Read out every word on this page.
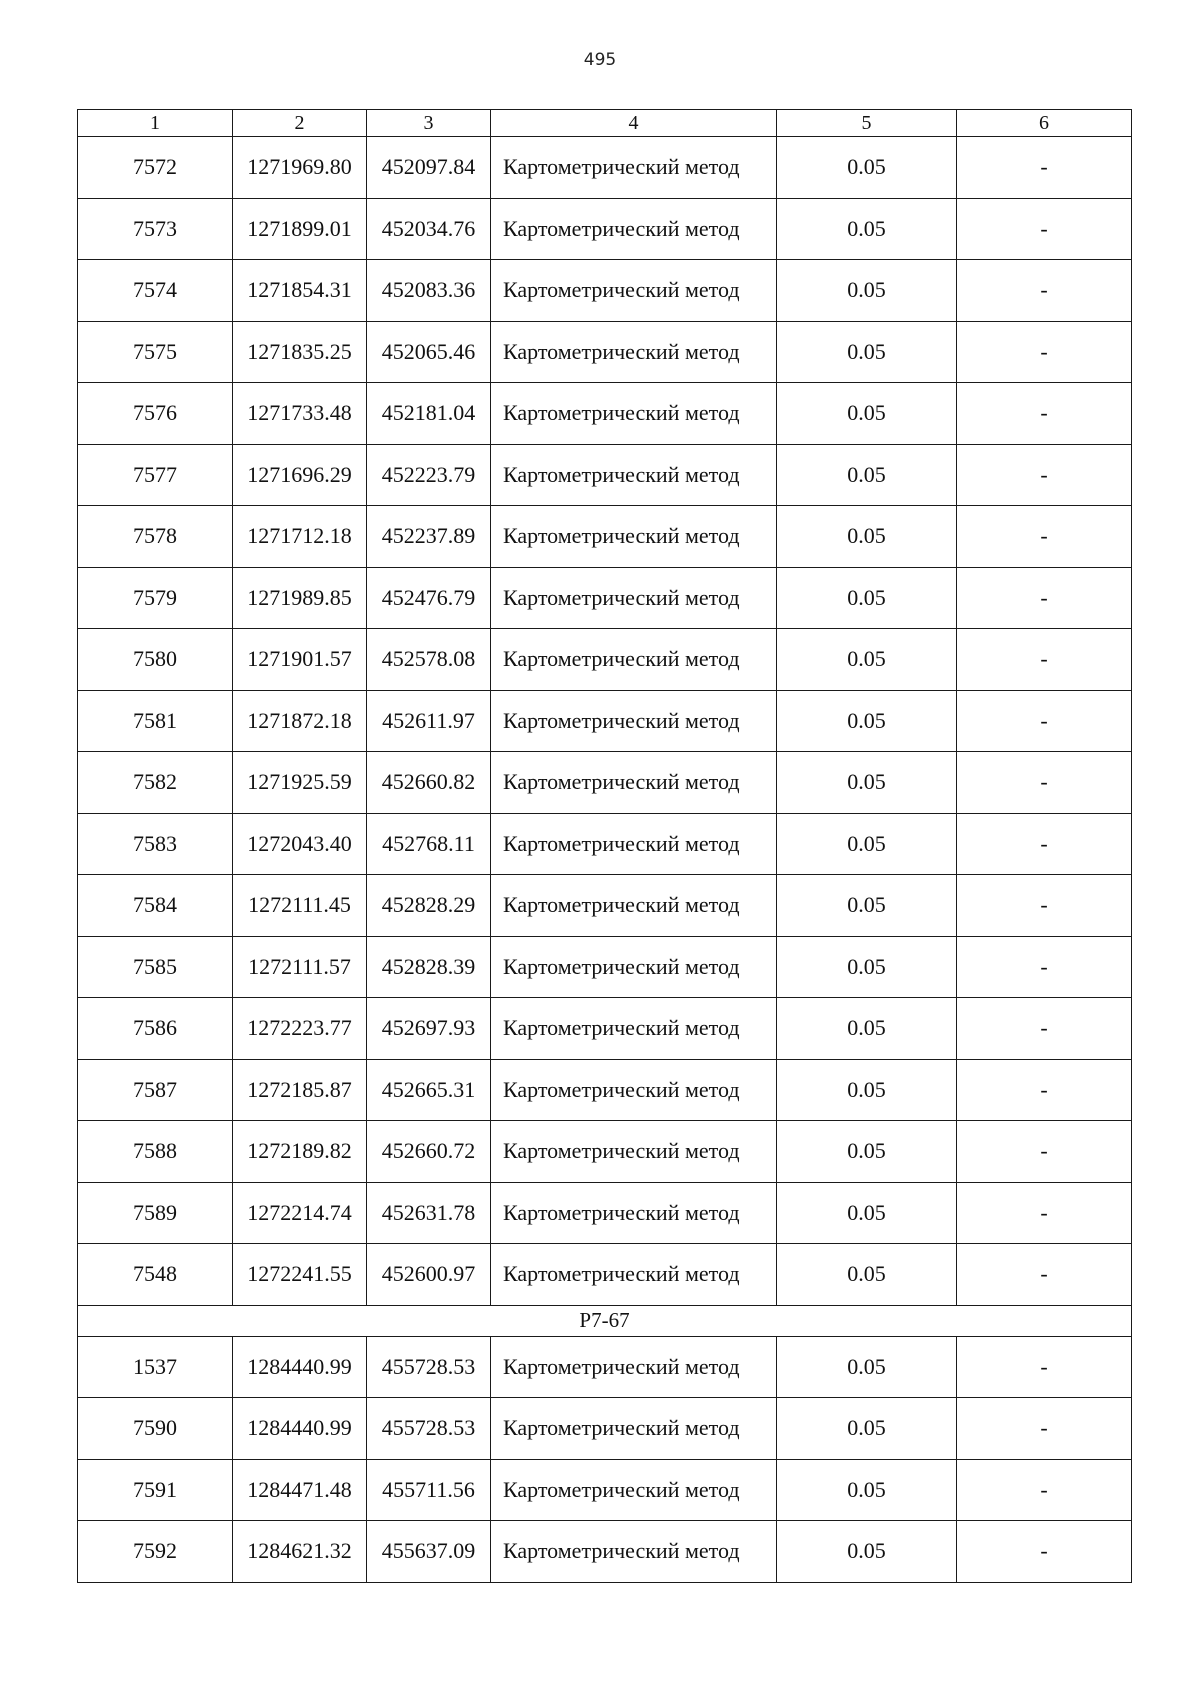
495
1	2	3	4	5	6
7572	1271969.80	452097.84	Картометрический метод	0.05	-
7573	1271899.01	452034.76	Картометрический метод	0.05	-
7574	1271854.31	452083.36	Картометрический метод	0.05	-
7575	1271835.25	452065.46	Картометрический метод	0.05	-
7576	1271733.48	452181.04	Картометрический метод	0.05	-
7577	1271696.29	452223.79	Картометрический метод	0.05	-
7578	1271712.18	452237.89	Картометрический метод	0.05	-
7579	1271989.85	452476.79	Картометрический метод	0.05	-
7580	1271901.57	452578.08	Картометрический метод	0.05	-
7581	1271872.18	452611.97	Картометрический метод	0.05	-
7582	1271925.59	452660.82	Картометрический метод	0.05	-
7583	1272043.40	452768.11	Картометрический метод	0.05	-
7584	1272111.45	452828.29	Картометрический метод	0.05	-
7585	1272111.57	452828.39	Картометрический метод	0.05	-
7586	1272223.77	452697.93	Картометрический метод	0.05	-
7587	1272185.87	452665.31	Картометрический метод	0.05	-
7588	1272189.82	452660.72	Картометрический метод	0.05	-
7589	1272214.74	452631.78	Картометрический метод	0.05	-
7548	1272241.55	452600.97	Картометрический метод	0.05	-
Р7-67					
1537	1284440.99	455728.53	Картометрический метод	0.05	-
7590	1284440.99	455728.53	Картометрический метод	0.05	-
7591	1284471.48	455711.56	Картометрический метод	0.05	-
7592	1284621.32	455637.09	Картометрический метод	0.05	-
